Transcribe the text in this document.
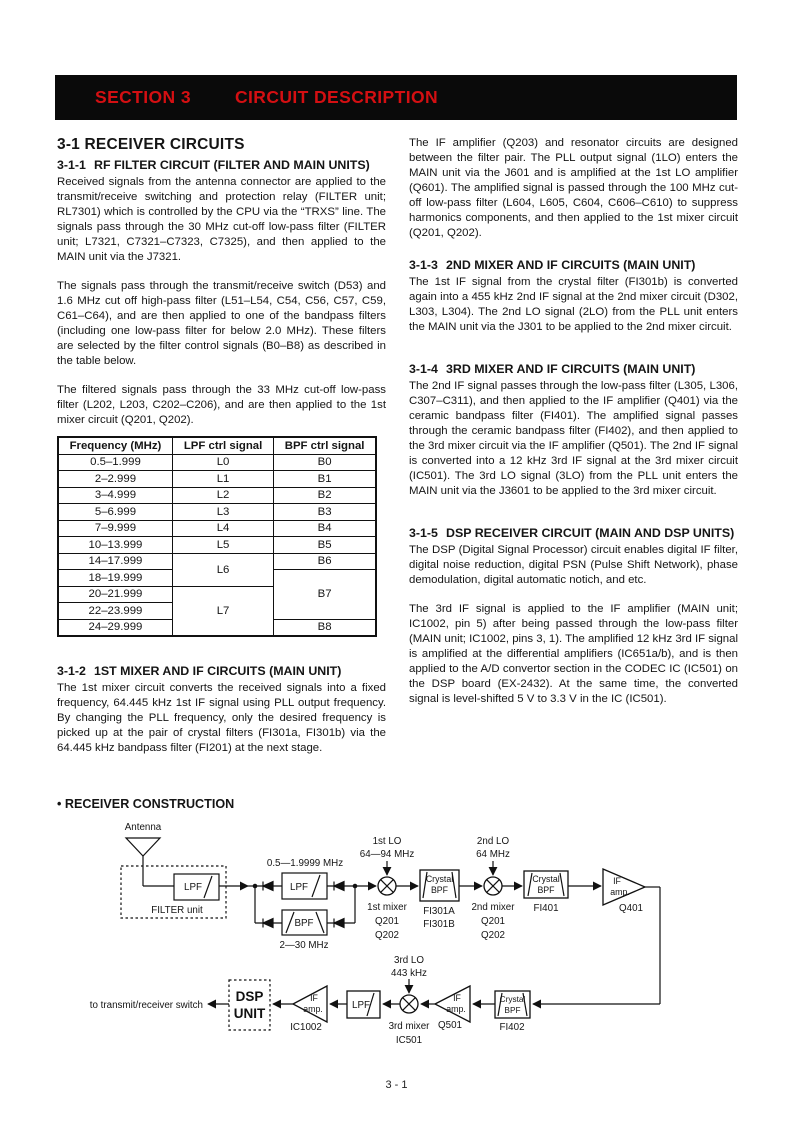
SECTION 3	CIRCUIT DESCRIPTION
3-1 RECEIVER CIRCUITS
3-1-1 RF FILTER CIRCUIT (FILTER AND MAIN UNITS)

Received signals from the antenna connector are applied to the transmit/receive switching and protection relay (FILTER unit; RL7301) which is controlled by the CPU via the “TRXS” line. The signals pass through the 30 MHz cut-off low-pass filter (FILTER unit; L7321, C7321–C7323, C7325), and then applied to the MAIN unit via the J7321.

The signals pass through the transmit/receive switch (D53) and 1.6 MHz cut off high-pass filter (L51–L54, C54, C56, C57, C59, C61–C64), and are then applied to one of the bandpass filters (including one low-pass filter for below 2.0 MHz). These filters are selected by the filter control signals (B0–B8) as described in the table below.

The filtered signals pass through the 33 MHz cut-off low-pass filter (L202, L203, C202–C206), and are then applied to the 1st mixer circuit (Q201, Q202).

Frequency (MHz)	LPF ctrl signal	BPF ctrl signal
0.5–1.999	L0	B0
2–2.999	L1	B1
3–4.999	L2	B2
5–6.999	L3	B3
7–9.999	L4	B4
10–13.999	L5	B5
14–17.999	L6	B6
18–19.999		B7
20–21.999	L7	
22–23.999		
24–29.999		B8
3-1-2 1ST MIXER AND IF CIRCUITS (MAIN UNIT)

The 1st mixer circuit converts the received signals into a fixed frequency, 64.445 kHz 1st IF signal using PLL output frequency. By changing the PLL frequency, only the desired frequency is picked up at the pair of crystal filters (FI301a, FI301b) via the 64.445 kHz bandpass filter (FI201) at the next stage.

The IF amplifier (Q203) and resonator circuits are designed between the filter pair. The PLL output signal (1LO) enters the MAIN unit via the J601 and is amplified at the 1st LO amplifier (Q601). The amplified signal is passed through the 100 MHz cut-off low-pass filter (L604, L605, C604, C606–C610) to suppress harmonics components, and then applied to the 1st mixer circuit (Q201, Q202).

3-1-3 2ND MIXER AND IF CIRCUITS (MAIN UNIT)

The 1st IF signal from the crystal filter (FI301b) is converted again into a 455 kHz 2nd IF signal at the 2nd mixer circuit (D302, L303, L304). The 2nd LO signal (2LO) from the PLL unit enters the MAIN unit via the J301 to be applied to the 2nd mixer circuit.

3-1-4 3RD MIXER AND IF CIRCUITS (MAIN UNIT)

The 2nd IF signal passes through the low-pass filter (L305, L306, C307–C311), and then applied to the IF amplifier (Q401) via the ceramic bandpass filter (FI401). The amplified signal passes through the ceramic bandpass filter (FI402), and then applied to the 3rd mixer circuit via the IF amplifier (Q501). The 2nd IF signal is converted into a 12 kHz 3rd IF signal at the 3rd mixer circuit (IC501). The 3rd LO signal (3LO) from the PLL unit enters the MAIN unit via the J3601 to be applied to the 3rd mixer circuit.

3-1-5 DSP RECEIVER CIRCUIT (MAIN AND DSP UNITS)

The DSP (Digital Signal Processor) circuit enables digital IF filter, digital noise reduction, digital PSN (Pulse Shift Network), phase demodulation, digital automatic notich, and etc.

The 3rd IF signal is applied to the IF amplifier (MAIN unit; IC1002, pin 5) after being passed through the low-pass filter (MAIN unit; IC1002, pins 3, 1). The amplified 12 kHz 3rd IF signal is amplified at the differential amplifiers (IC651a/b), and is then applied to the A/D convertor section in the CODEC IC (IC501) on the DSP board (EX-2432). At the same time, the converted signal is level-shifted 5 V to 3.3 V in the IC (IC501).

• RECEIVER CONSTRUCTION
Antenna
LPF
FILTER unit
0.5—1.9999 MHz
LPF
BPF
2—30 MHz
1st LO
64—94 MHz
1st mixer
Q201
Q202
Crystal
BPF
FI301A
FI301B
2nd LO
64 MHz
2nd mixer
Q201
Q202
Crystal
BPF
FI401
IF
amp.
Q401
Crystal
BPF
FI402
IF
amp.
Q501
3rd LO
443 kHz
3rd mixer
IC501
LPF
IF
amp.
IC1002
DSP
UNIT
to transmit/receiver switch
3 - 1
